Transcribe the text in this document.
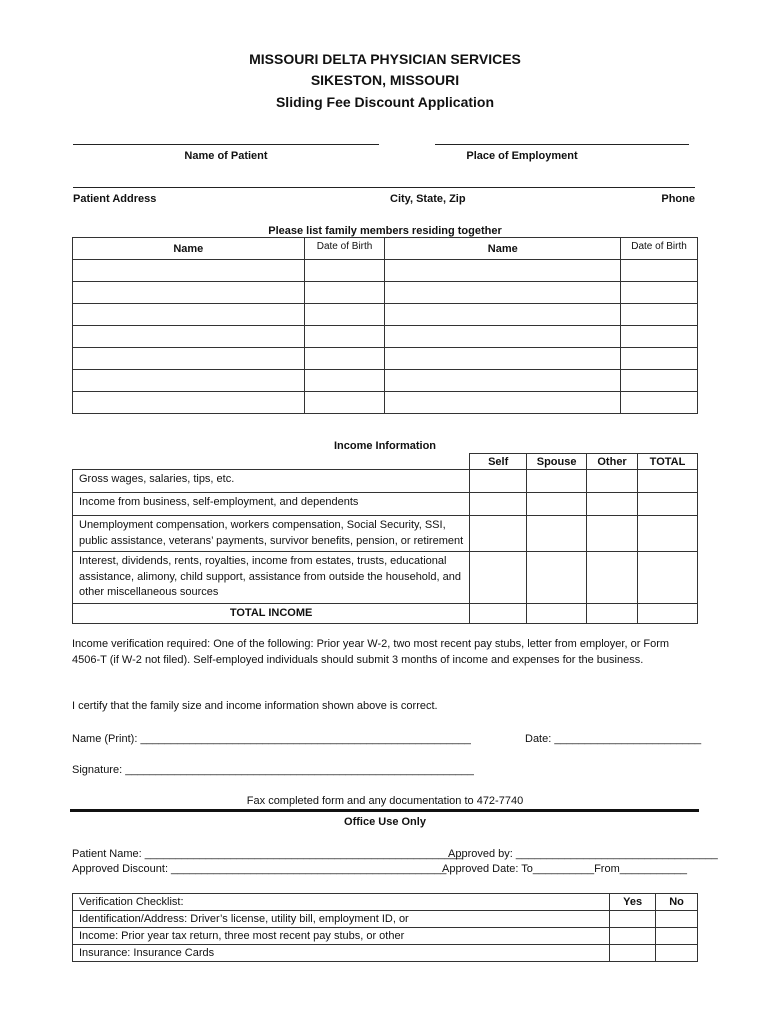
MISSOURI DELTA PHYSICIAN SERVICES
SIKESTON, MISSOURI
Sliding Fee Discount Application
Name of Patient	Place of Employment
Patient Address	City, State, Zip	Phone
Please list family members residing together
Name	Date of Birth	Name	Date of Birth

Income Information
	Self	Spouse	Other	TOTAL
Gross wages, salaries, tips, etc.				
Income from business, self-employment, and dependents				
Unemployment compensation, workers compensation, Social Security, SSI, public assistance, veterans’ payments, survivor benefits, pension, or retirement				
Interest, dividends, rents, royalties, income from estates, trusts, educational assistance, alimony, child support, assistance from outside the household, and other miscellaneous sources				
TOTAL INCOME				
Income verification required: One of the following: Prior year W-2, two most recent pay stubs, letter from employer, or Form 4506-T (if W-2 not filed). Self-employed individuals should submit 3 months of income and expenses for the business.
I certify that the family size and income information shown above is correct.
Name (Print): ______________________________________________________	Date: ________________________
Signature: _________________________________________________________
Fax completed form and any documentation to 472-7740
Office Use Only
Patient Name: ____________________________________________________
Approved by: _________________________________
Approved Discount: _____________________________________________
Approved Date: To__________From___________
Verification Checklist:	Yes	No
Identification/Address: Driver’s license, utility bill, employment ID, or		
Income: Prior year tax return, three most recent pay stubs, or other		
Insurance: Insurance Cards		
